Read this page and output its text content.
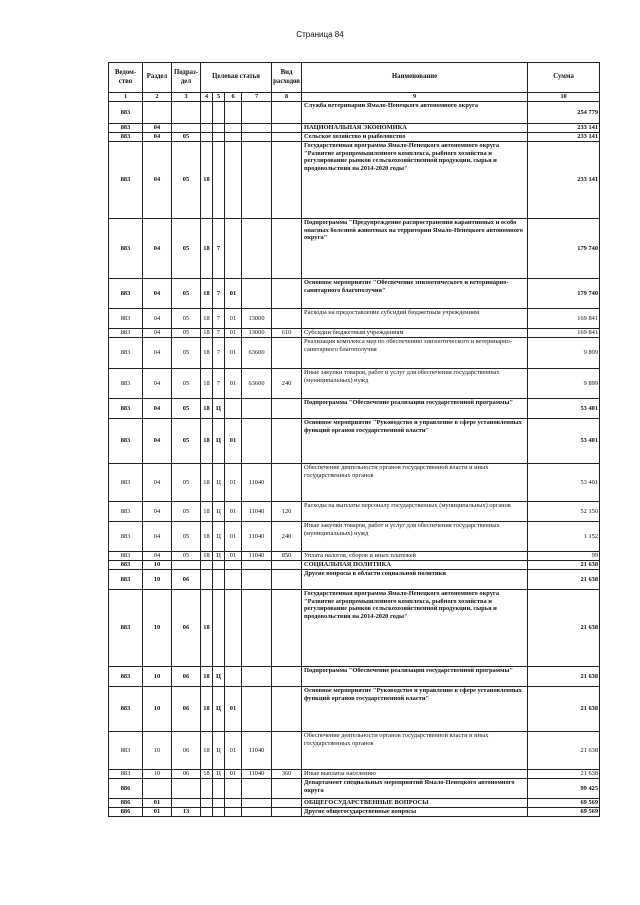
Страница 84
Ведом-ство	Раздел	Подраз-дел	Целевая статья				Вид расходов	Наименование	Сумма
1	2	3	4	5	6	7	8	9	10
883								Служба ветеринарии Ямало-Ненецкого автономного округа	254 779
883	04							НАЦИОНАЛЬНАЯ ЭКОНОМИКА	233 141
883	04	05						Сельское хозяйство и рыболовство	233 141
883	04	05	18					Государственная программа Ямало-Ненецкого автономного округа "Развитие агропромышленного комплекса, рыбного хозяйства и регулирование рынков сельскохозяйственной продукции, сырья и продовольствия на 2014-2020 годы"	233 141
883	04	05	18	7				Подпрограмма "Предупреждение распространения карантинных и особо опасных болезней животных на территории Ямало-Ненецкого автономного округа"	179 740
883	04	05	18	7	01			Основное мероприятие "Обеспечение эпизоотического и ветеринарно-санитарного благополучия"	179 740
883	04	05	18	7	01	13000		Расходы на предоставление субсидий бюджетным учреждениям	169 841
883	04	05	18	7	01	13000	610	Субсидии бюджетным учреждениям	169 841
883	04	05	18	7	01	63600		Реализация комплекса мер по обеспечению эпизоотического и ветеринарно-санитарного благополучия	9 899
883	04	05	18	7	01	63600	240	Иные закупки товаров, работ и услуг для обеспечения государственных (муниципальных) нужд	9 899
883	04	05	18	Ц				Подпрограмма "Обеспечение реализации государственной программы"	53 401
883	04	05	18	Ц	01			Основное мероприятие "Руководство и управление в сфере установленных функций органов государственной власти"	53 401
883	04	05	18	Ц	01	11040		Обеспечение деятельности органов государственной власти и иных государственных органов	53 401
883	04	05	18	Ц	01	11040	120	Расходы на выплаты персоналу государственных (муниципальных) органов	52 150
883	04	05	18	Ц	01	11040	240	Иные закупки товаров, работ и услуг для обеспечения государственных (муниципальных) нужд	1 152
883	04	05	18	Ц	01	11040	850	Уплата налогов, сборов и иных платежей	99
883	10							СОЦИАЛЬНАЯ ПОЛИТИКА	21 638
883	10	06						Другие вопросы в области социальной политики	21 638
883	10	06	18					Государственная программа Ямало-Ненецкого автономного округа "Развитие агропромышленного комплекса, рыбного хозяйства и регулирование рынков сельскохозяйственной продукции, сырья и продовольствия на 2014-2020 годы"	21 638
883	10	06	18	Ц				Подпрограмма "Обеспечение реализации государственной программы"	21 638
883	10	06	18	Ц	01			Основное мероприятие "Руководство и управление в сфере установленных функций органов государственной власти"	21 638
883	10	06	18	Ц	01	11040		Обеспечение деятельности органов государственной власти и иных государственных органов	21 638
883	10	06	18	Ц	01	11040	360	Иные выплаты населению	21 638
886								Департамент специальных мероприятий Ямало-Ненецкого автономного округа	99 425
886	01							ОБЩЕГОСУДАРСТВЕННЫЕ ВОПРОСЫ	69 569
886	01	13						Другие общегосударственные вопросы	69 569
